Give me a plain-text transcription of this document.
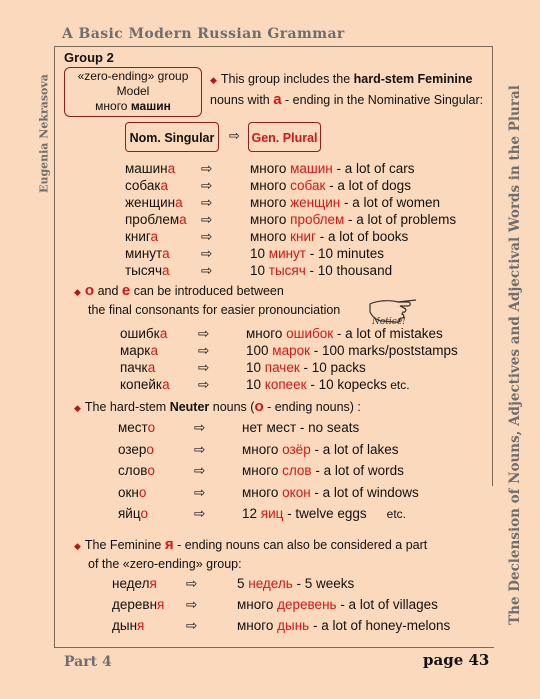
A Basic Modern Russian Grammar
Eugenia Nekrasova	The Declension of Nouns, Adjectives and Adjectival Words in the Plural
Part 4	page 43
Group 2
«zero-ending» group
Model
много машин
◆ This group includes the hard-stem Feminine
nouns with а - ending in the Nominative Singular:
Nom. Singular	⇨ Gen. Plural
машина ⇨	много машин - a lot of cars
собака ⇨	много собак - a lot of dogs
женщина ⇨	много женщин - a lot of women
проблема ⇨	много проблем - a lot of problems
книга	⇨	много книг - a lot of books
минута ⇨	10 минут - 10 minutes
тысяча ⇨	10 тысяч - 10 thousand
◆ о and е can be introduced between
the final consonants for easier pronounciation
Notice!
ошибка ⇨	много ошибок - a lot of mistakes
марка	⇨	100 марок - 100 marks/poststamps
пачка	⇨	10 пачек - 10 packs
копейка ⇨	10 копеек - 10 kopecks etc.
◆ The hard-stem Neuter nouns (о - ending nouns) :
место	⇨	нет мест - no seats
озеро	⇨	много озёр - a lot of lakes
слово	⇨	много слов - a lot of words
окно	⇨	много окон - a lot of windows
яйцо	⇨	12 яиц - twelve eggs      etc.
◆ The Feminine я - ending nouns can also be considered a part
of the «zero-ending» group:
неделя ⇨	5 недель - 5 weeks
деревня ⇨	много деревень - a lot of villages
дыня	⇨	много дынь - a lot of honey-melons
